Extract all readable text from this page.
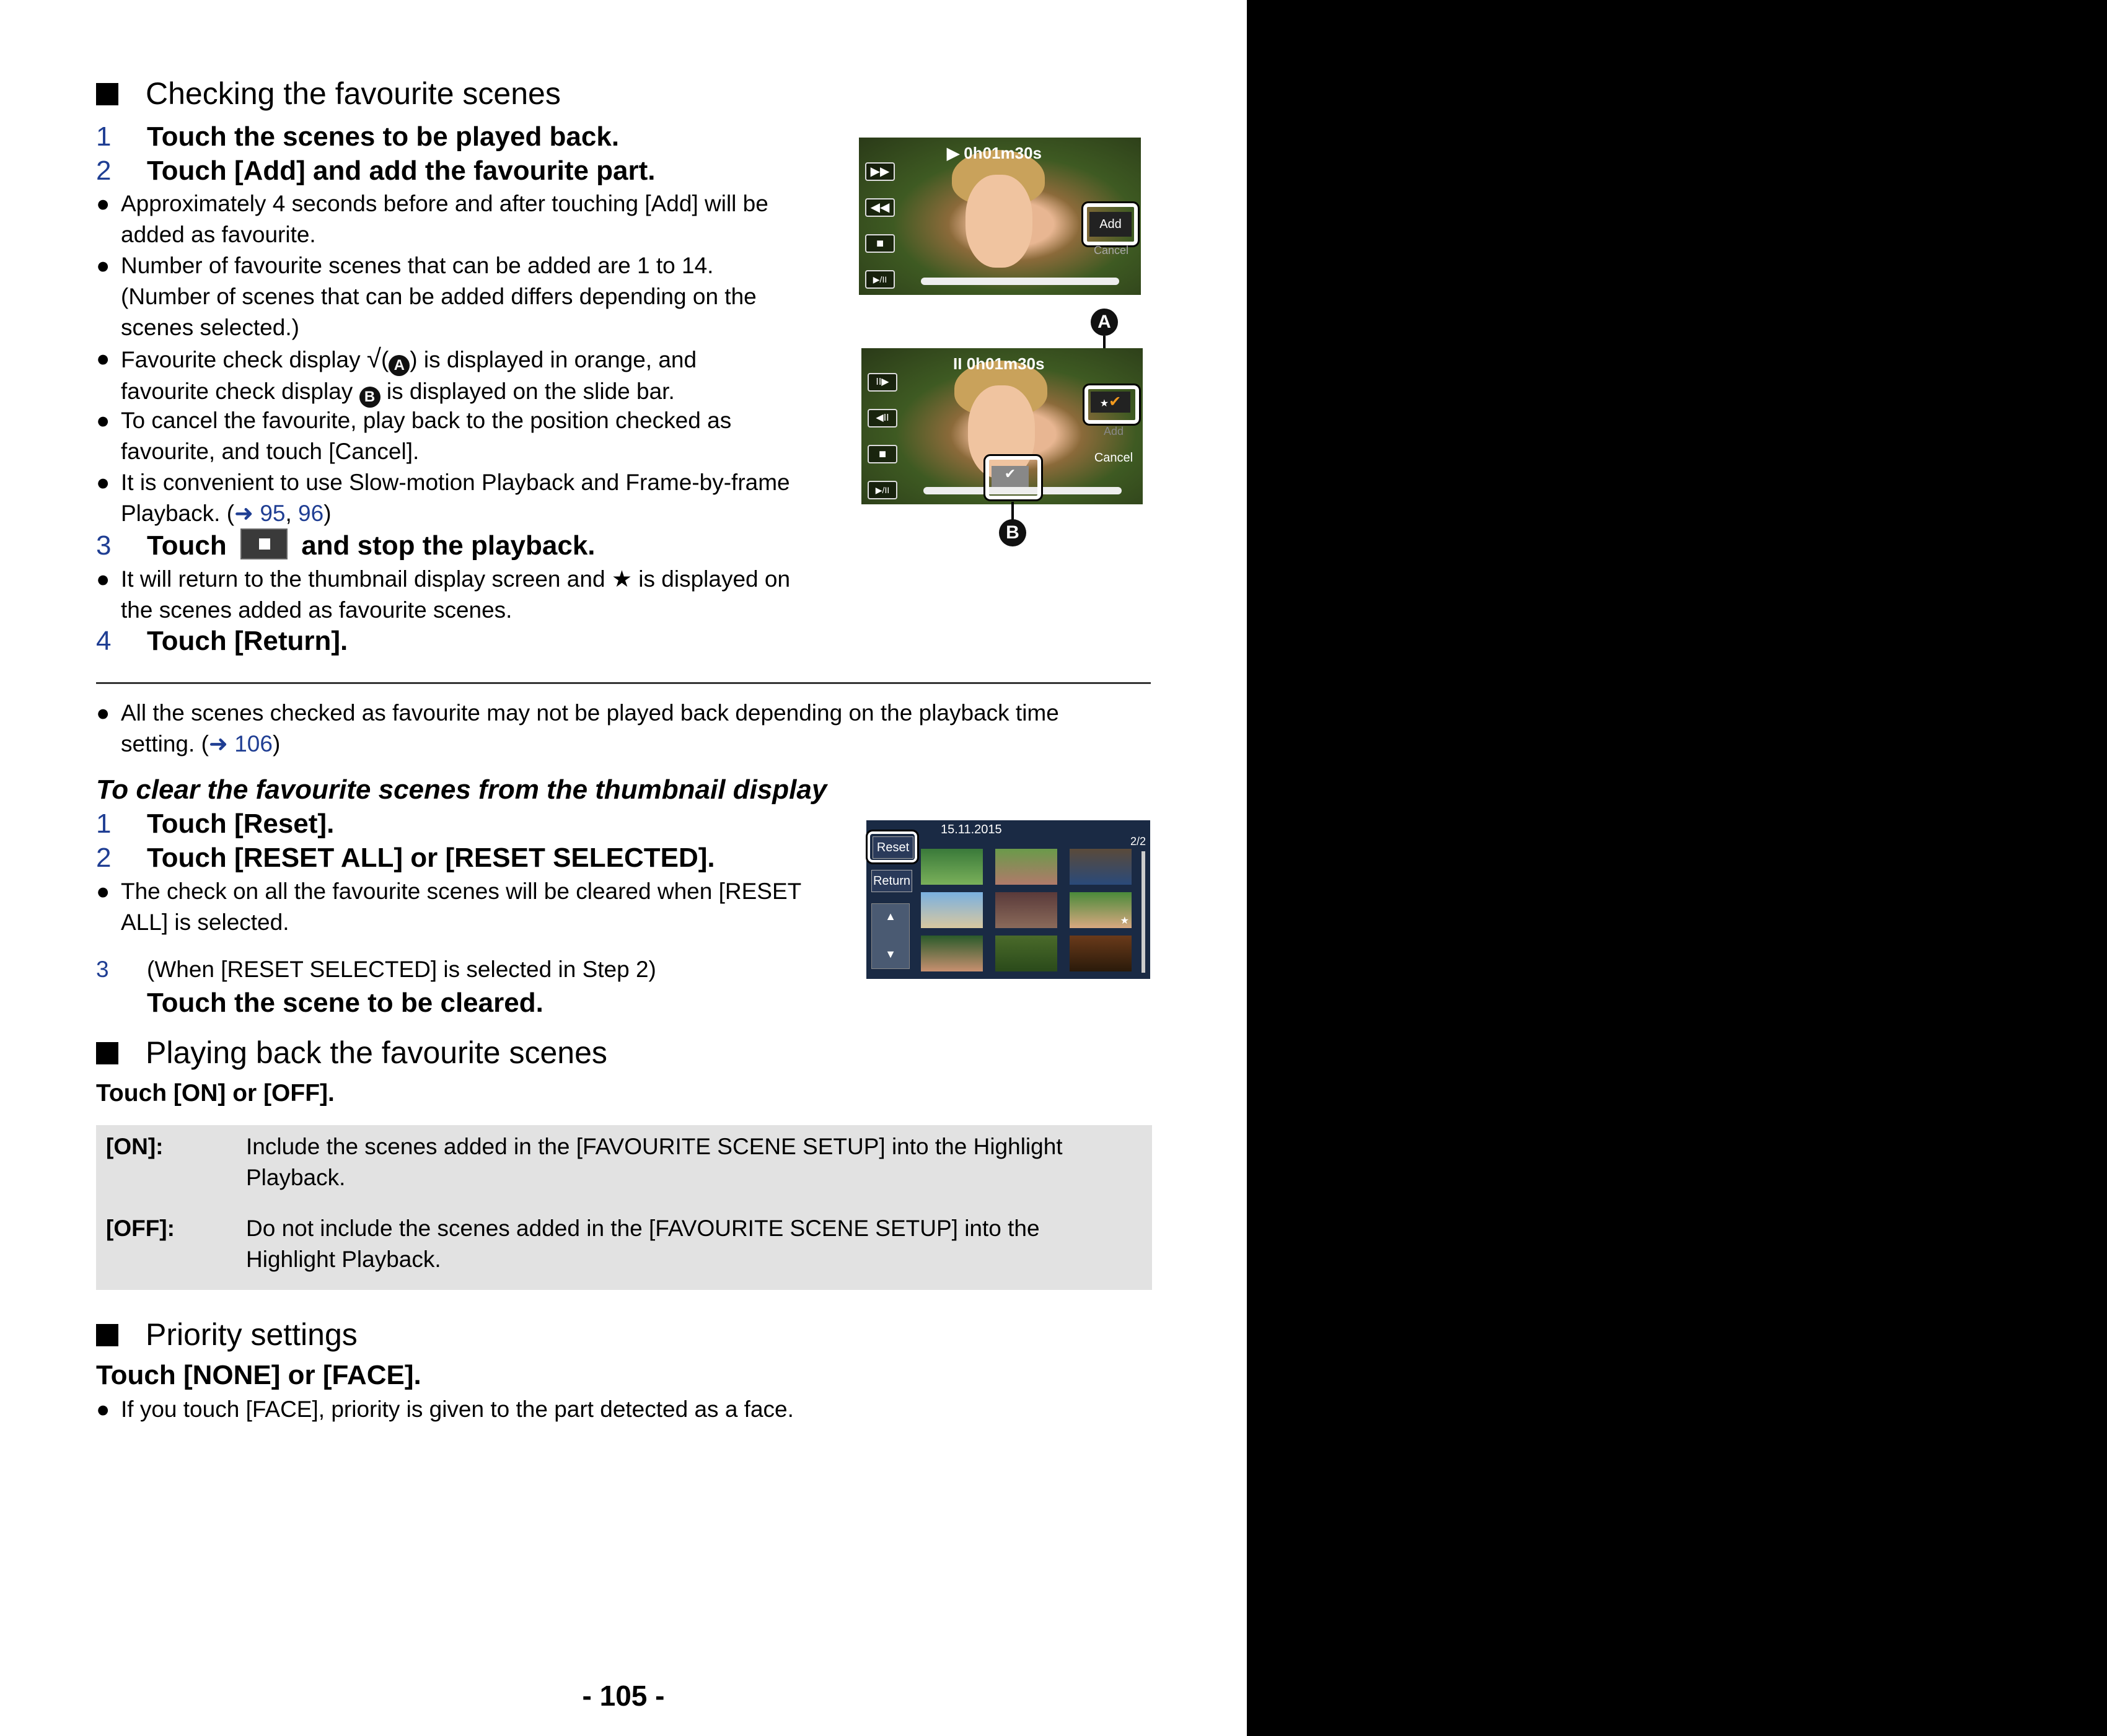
Checking the favourite scenes
1 Touch the scenes to be played back.
2 Touch [Add] and add the favourite part.
● Approximately 4 seconds before and after touching [Add] will be
added as favourite.
● Number of favourite scenes that can be added are 1 to 14.
(Number of scenes that can be added differs depending on the
scenes selected.)
● Favourite check display √( A ) is displayed in orange, and
favourite check display B is displayed on the slide bar.
● To cancel the favourite, play back to the position checked as
favourite, and touch [Cancel].
● It is convenient to use Slow-motion Playback and Frame-by-frame
Playback. (➜ 95, 96)
3 Touch	and stop the playback.
● It will return to the thumbnail display screen and ★ is displayed on
the scenes added as favourite scenes.
4 Touch [Return].
▶ 0h01m30s
▶▶
◀◀
■
▶/II
Add
Cancel
A
II 0h01m30s
II▶
◀II
■
▶/II
★✔
Add
Cancel
✔
B
● All the scenes checked as favourite may not be played back depending on the playback time
setting. (➜ 106)
To clear the favourite scenes from the thumbnail display
1 Touch [Reset].
2 Touch [RESET ALL] or [RESET SELECTED].
● The check on all the favourite scenes will be cleared when [RESET
ALL] is selected.
3 (When [RESET SELECTED] is selected in Step 2)
Touch the scene to be cleared.
15.11.2015
2/2
Reset
Return
▲
▼
★
Playing back the favourite scenes
Touch [ON] or [OFF].
[ON]:	Include the scenes added in the [FAVOURITE SCENE SETUP] into the Highlight
Playback.
[OFF]:	Do not include the scenes added in the [FAVOURITE SCENE SETUP] into the
Highlight Playback.
Priority settings
Touch [NONE] or [FACE].
● If you touch [FACE], priority is given to the part detected as a face.
- 105 -
